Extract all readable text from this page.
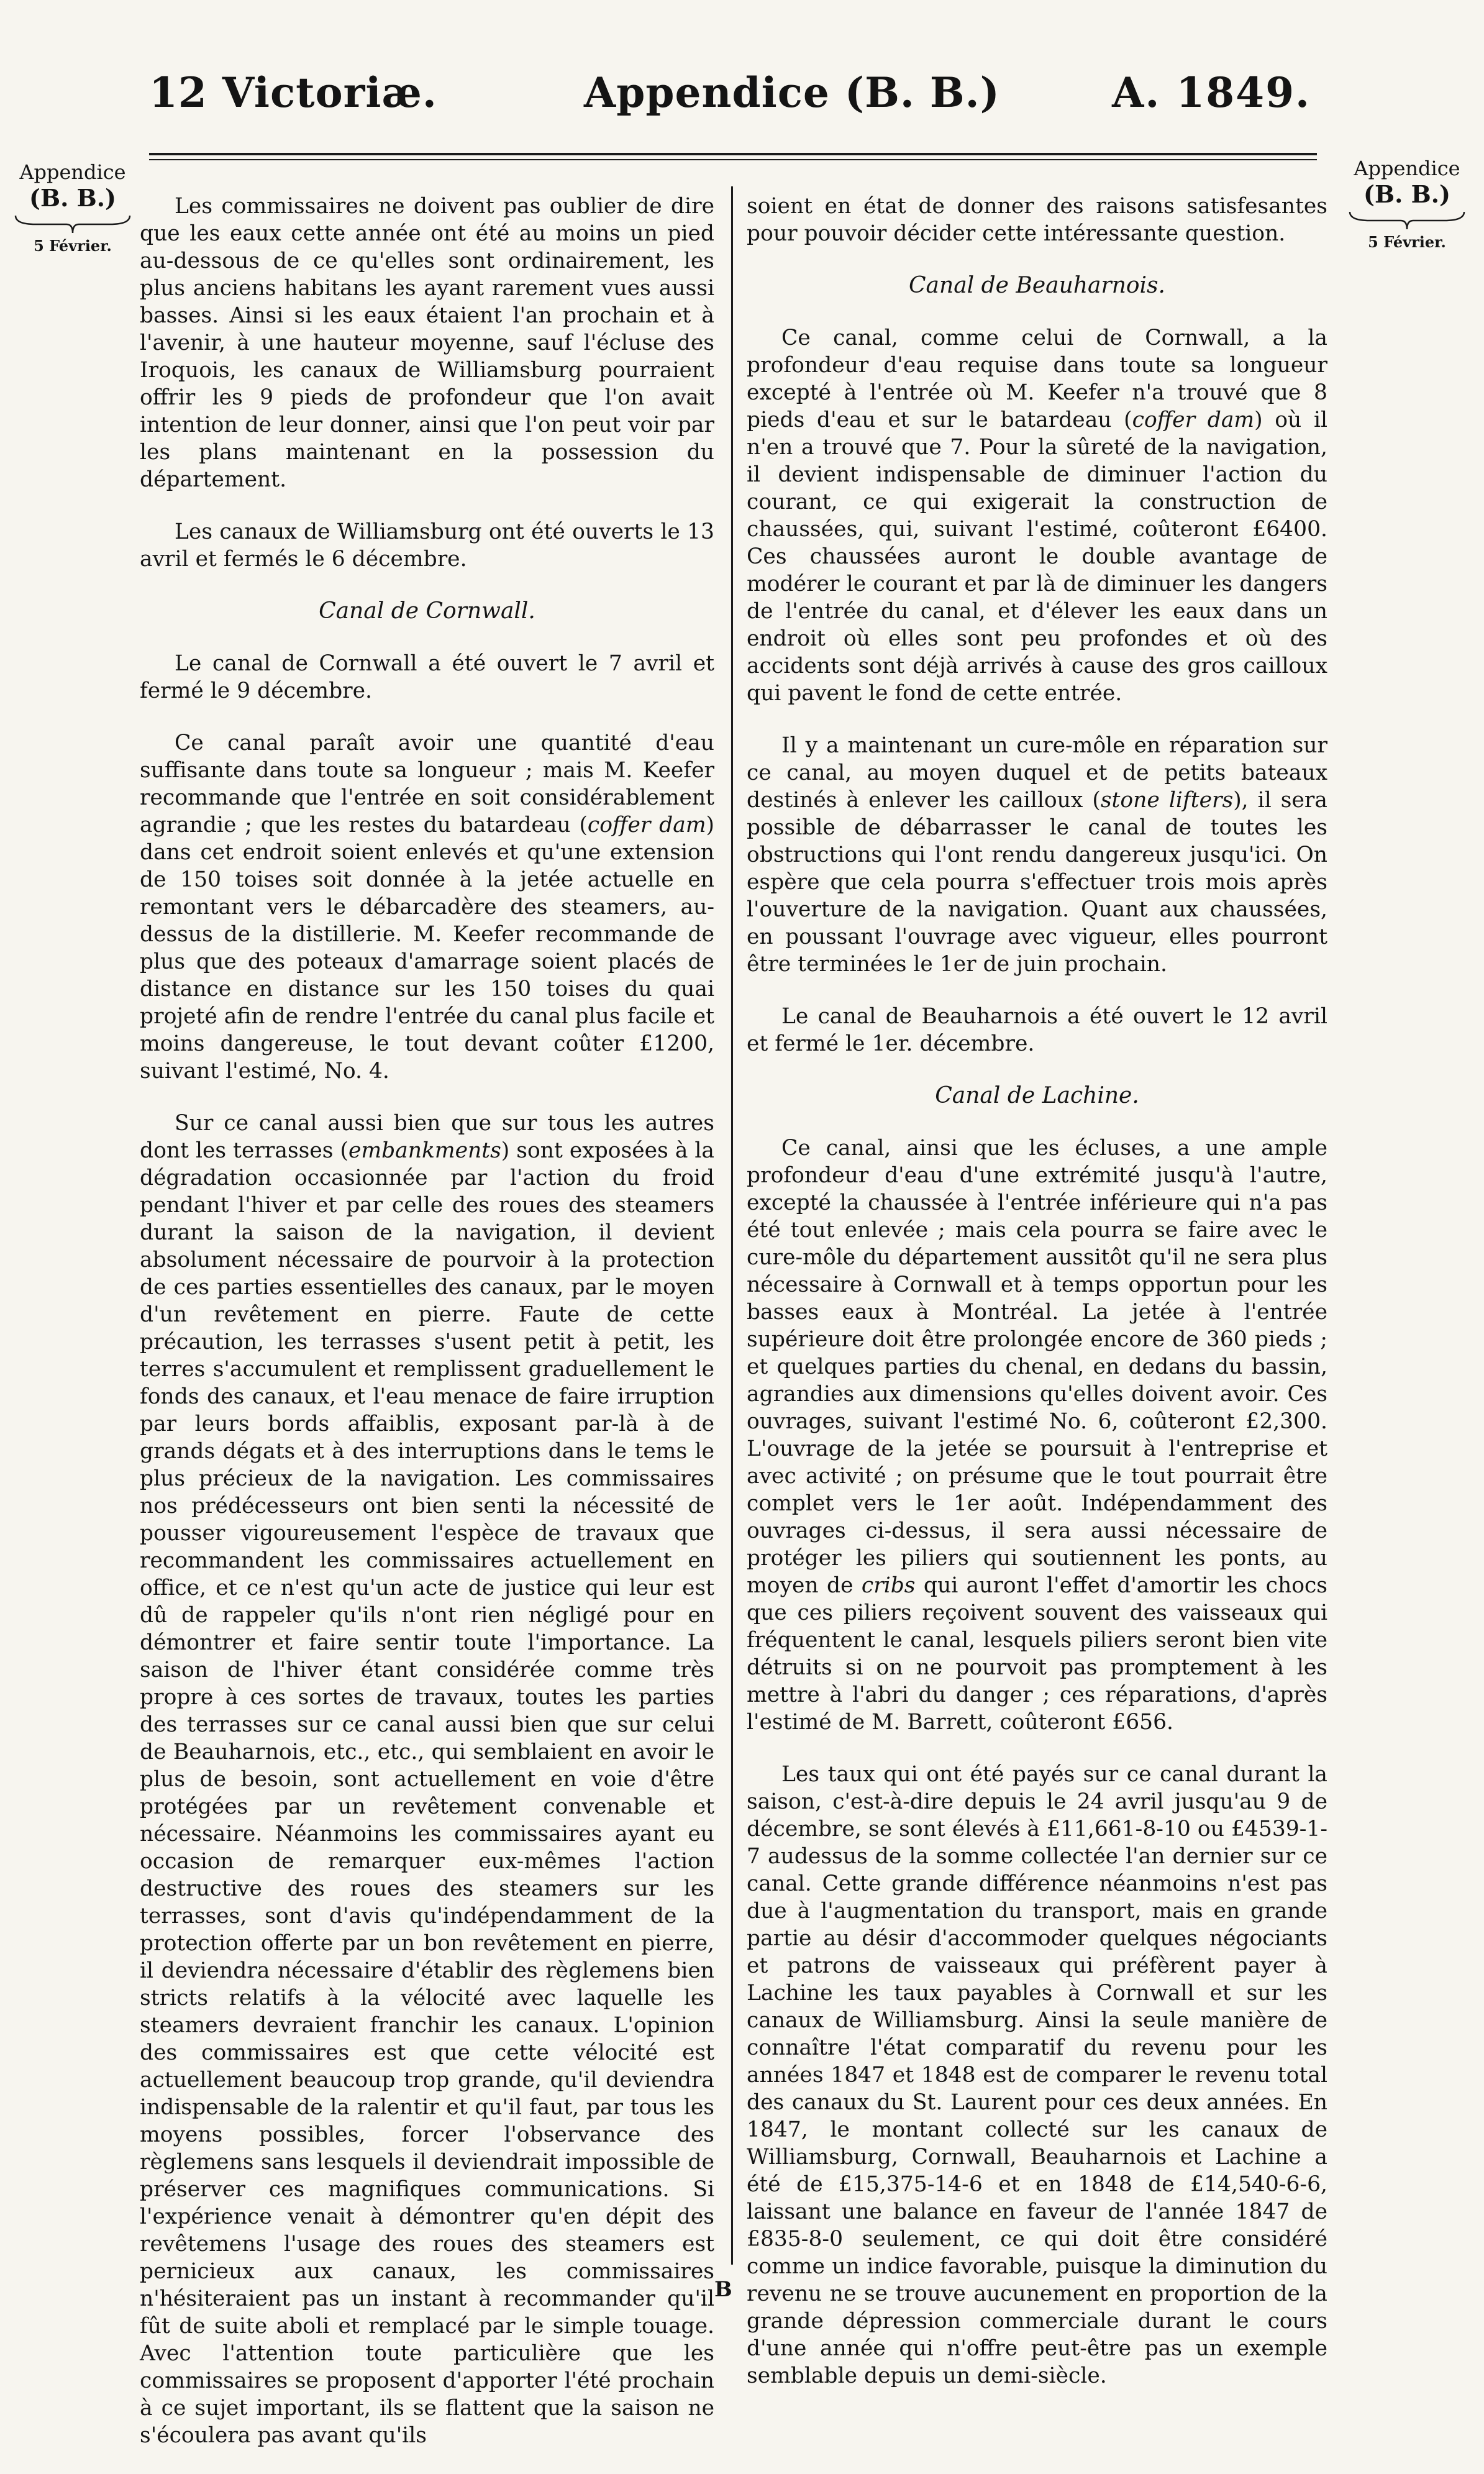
12 Victoriæ.	Appendice (B. B.)	A. 1849.
Appendice
(B. B.)
5 Février.
Appendice
(B. B.)
5 Février.

Les commissaires ne doivent pas oublier de dire que les eaux cette année ont été au moins un pied au-dessous de ce qu'elles sont ordinairement, les plus anciens habitans les ayant rarement vues aussi basses. Ainsi si les eaux étaient l'an prochain et à l'avenir, à une hauteur moyenne, sauf l'écluse des Iroquois, les canaux de Williamsburg pourraient offrir les 9 pieds de profondeur que l'on avait intention de leur donner, ainsi que l'on peut voir par les plans maintenant en la possession du département.

Les canaux de Williamsburg ont été ouverts le 13 avril et fermés le 6 décembre.

Canal de Cornwall.

Le canal de Cornwall a été ouvert le 7 avril et fermé le 9 décembre.

Ce canal paraît avoir une quantité d'eau suffisante dans toute sa longueur ; mais M. Keefer recommande que l'entrée en soit considérablement agrandie ; que les restes du batardeau (coffer dam) dans cet endroit soient enlevés et qu'une extension de 150 toises soit donnée à la jetée actuelle en remontant vers le débarcadère des steamers, au-dessus de la distillerie. M. Keefer recommande de plus que des poteaux d'amarrage soient placés de distance en distance sur les 150 toises du quai projeté afin de rendre l'entrée du canal plus facile et moins dangereuse, le tout devant coûter £1200, suivant l'estimé, No. 4.

Sur ce canal aussi bien que sur tous les autres dont les terrasses (embankments) sont exposées à la dégradation occasionnée par l'action du froid pendant l'hiver et par celle des roues des steamers durant la saison de la navigation, il devient absolument nécessaire de pourvoir à la protection de ces parties essentielles des canaux, par le moyen d'un revêtement en pierre. Faute de cette précaution, les terrasses s'usent petit à petit, les terres s'accumulent et remplissent graduellement le fonds des canaux, et l'eau menace de faire irruption par leurs bords affaiblis, exposant par-là à de grands dégats et à des interruptions dans le tems le plus précieux de la navigation. Les commissaires nos prédécesseurs ont bien senti la nécessité de pousser vigoureusement l'espèce de travaux que recommandent les commissaires actuellement en office, et ce n'est qu'un acte de justice qui leur est dû de rappeler qu'ils n'ont rien négligé pour en démontrer et faire sentir toute l'importance. La saison de l'hiver étant considérée comme très propre à ces sortes de travaux, toutes les parties des terrasses sur ce canal aussi bien que sur celui de Beauharnois, etc., etc., qui semblaient en avoir le plus de besoin, sont actuellement en voie d'être protégées par un revêtement convenable et nécessaire. Néanmoins les commissaires ayant eu occasion de remarquer eux-mêmes l'action destructive des roues des steamers sur les terrasses, sont d'avis qu'indépendamment de la protection offerte par un bon revêtement en pierre, il deviendra nécessaire d'établir des règlemens bien stricts relatifs à la vélocité avec laquelle les steamers devraient franchir les canaux. L'opinion des commissaires est que cette vélocité est actuellement beaucoup trop grande, qu'il deviendra indispensable de la ralentir et qu'il faut, par tous les moyens possibles, forcer l'observance des règlemens sans lesquels il deviendrait impossible de préserver ces magnifiques communications. Si l'expérience venait à démontrer qu'en dépit des revêtemens l'usage des roues des steamers est pernicieux aux canaux, les commissaires n'hésiteraient pas un instant à recommander qu'il fût de suite aboli et remplacé par le simple touage. Avec l'attention toute particulière que les commissaires se proposent d'apporter l'été prochain à ce sujet important, ils se flattent que la saison ne s'écoulera pas avant qu'ils

soient en état de donner des raisons satisfesantes pour pouvoir décider cette intéressante question.

Canal de Beauharnois.

Ce canal, comme celui de Cornwall, a la profondeur d'eau requise dans toute sa longueur excepté à l'entrée où M. Keefer n'a trouvé que 8 pieds d'eau et sur le batardeau (coffer dam) où il n'en a trouvé que 7. Pour la sûreté de la navigation, il devient indispensable de diminuer l'action du courant, ce qui exigerait la construction de chaussées, qui, suivant l'estimé, coûteront £6400. Ces chaussées auront le double avantage de modérer le courant et par là de diminuer les dangers de l'entrée du canal, et d'élever les eaux dans un endroit où elles sont peu profondes et où des accidents sont déjà arrivés à cause des gros cailloux qui pavent le fond de cette entrée.

Il y a maintenant un cure-môle en réparation sur ce canal, au moyen duquel et de petits bateaux destinés à enlever les cailloux (stone lifters), il sera possible de débarrasser le canal de toutes les obstructions qui l'ont rendu dangereux jusqu'ici. On espère que cela pourra s'effectuer trois mois après l'ouverture de la navigation. Quant aux chaussées, en poussant l'ouvrage avec vigueur, elles pourront être terminées le 1er de juin prochain.

Le canal de Beauharnois a été ouvert le 12 avril et fermé le 1er. décembre.

Canal de Lachine.

Ce canal, ainsi que les écluses, a une ample profondeur d'eau d'une extrémité jusqu'à l'autre, excepté la chaussée à l'entrée inférieure qui n'a pas été tout enlevée ; mais cela pourra se faire avec le cure-môle du département aussitôt qu'il ne sera plus nécessaire à Cornwall et à temps opportun pour les basses eaux à Montréal. La jetée à l'entrée supérieure doit être prolongée encore de 360 pieds ; et quelques parties du chenal, en dedans du bassin, agrandies aux dimensions qu'elles doivent avoir. Ces ouvrages, suivant l'estimé No. 6, coûteront £2,300. L'ouvrage de la jetée se poursuit à l'entreprise et avec activité ; on présume que le tout pourrait être complet vers le 1er août. Indépendamment des ouvrages ci-dessus, il sera aussi nécessaire de protéger les piliers qui soutiennent les ponts, au moyen de cribs qui auront l'effet d'amortir les chocs que ces piliers reçoivent souvent des vaisseaux qui fréquentent le canal, lesquels piliers seront bien vite détruits si on ne pourvoit pas promptement à les mettre à l'abri du danger ; ces réparations, d'après l'estimé de M. Barrett, coûteront £656.

Les taux qui ont été payés sur ce canal durant la saison, c'est-à-dire depuis le 24 avril jusqu'au 9 de décembre, se sont élevés à £11,661-8-10 ou £4539-1-7 audessus de la somme collectée l'an dernier sur ce canal. Cette grande différence néanmoins n'est pas due à l'augmentation du transport, mais en grande partie au désir d'accommoder quelques négociants et patrons de vaisseaux qui préfèrent payer à Lachine les taux payables à Cornwall et sur les canaux de Williamsburg. Ainsi la seule manière de connaître l'état comparatif du revenu pour les années 1847 et 1848 est de comparer le revenu total des canaux du St. Laurent pour ces deux années. En 1847, le montant collecté sur les canaux de Williamsburg, Cornwall, Beauharnois et Lachine a été de £15,375-14-6 et en 1848 de £14,540-6-6, laissant une balance en faveur de l'année 1847 de £835-8-0 seulement, ce qui doit être considéré comme un indice favorable, puisque la diminution du revenu ne se trouve aucunement en proportion de la grande dépression commerciale durant le cours d'une année qui n'offre peut-être pas un exemple semblable depuis un demi-siècle.

B
